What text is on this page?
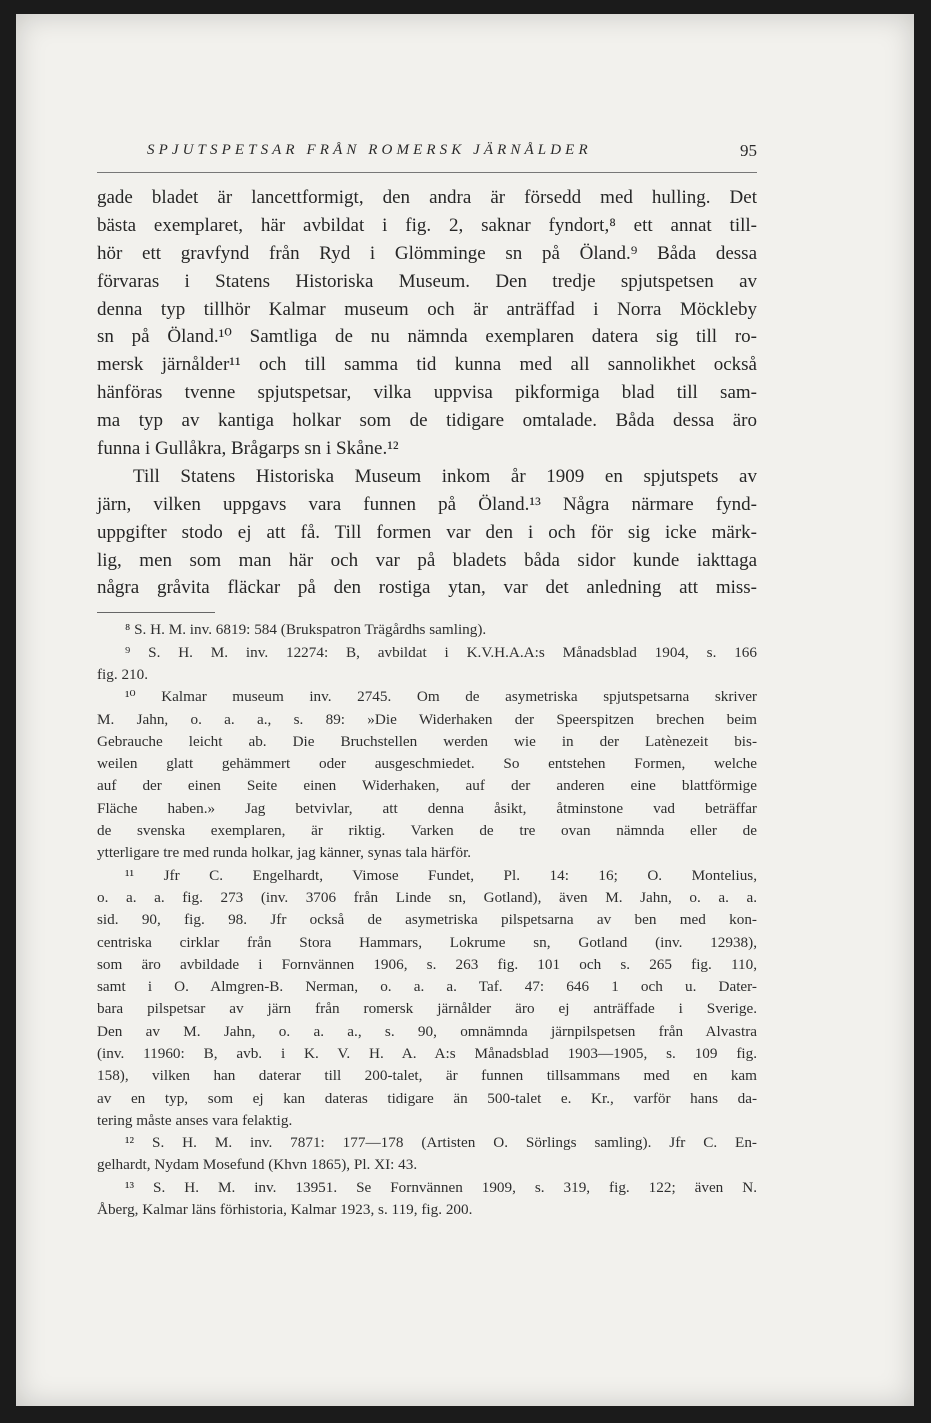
SPJUTSPETSAR FRÅN ROMERSK JÄRNÅLDER	95
gade bladet är lancettformigt, den andra är försedd med hulling. Det
bästa exemplaret, här avbildat i fig. 2, saknar fyndort,⁸ ett annat till-
hör ett gravfynd från Ryd i Glömminge sn på Öland.⁹ Båda dessa
förvaras i Statens Historiska Museum. Den tredje spjutspetsen av
denna typ tillhör Kalmar museum och är anträffad i Norra Möckleby
sn på Öland.¹⁰ Samtliga de nu nämnda exemplaren datera sig till ro-
mersk järnålder¹¹ och till samma tid kunna med all sannolikhet också
hänföras tvenne spjutspetsar, vilka uppvisa pikformiga blad till sam-
ma typ av kantiga holkar som de tidigare omtalade. Båda dessa äro
funna i Gullåkra, Brågarps sn i Skåne.¹²
Till Statens Historiska Museum inkom år 1909 en spjutspets av
järn, vilken uppgavs vara funnen på Öland.¹³ Några närmare fynd-
uppgifter stodo ej att få. Till formen var den i och för sig icke märk-
lig, men som man här och var på bladets båda sidor kunde iakttaga
några gråvita fläckar på den rostiga ytan, var det anledning att miss-
⁸ S. H. M. inv. 6819: 584 (Brukspatron Trägårdhs samling).
⁹ S. H. M. inv. 12274: B, avbildat i K.V.H.A.A:s Månadsblad 1904, s. 166
fig. 210.
¹⁰ Kalmar museum inv. 2745. Om de asymetriska spjutspetsarna skriver
M. Jahn, o. a. a., s. 89: »Die Widerhaken der Speerspitzen brechen beim
Gebrauche leicht ab. Die Bruchstellen werden wie in der Latènezeit bis-
weilen glatt gehämmert oder ausgeschmiedet. So entstehen Formen, welche
auf der einen Seite einen Widerhaken, auf der anderen eine blattförmige
Fläche haben.» Jag betvivlar, att denna åsikt, åtminstone vad beträffar
de svenska exemplaren, är riktig. Varken de tre ovan nämnda eller de
ytterligare tre med runda holkar, jag känner, synas tala härför.
¹¹ Jfr C. Engelhardt, Vimose Fundet, Pl. 14: 16; O. Montelius,
o. a. a. fig. 273 (inv. 3706 från Linde sn, Gotland), även M. Jahn, o. a. a.
sid. 90, fig. 98. Jfr också de asymetriska pilspetsarna av ben med kon-
centriska cirklar från Stora Hammars, Lokrume sn, Gotland (inv. 12938),
som äro avbildade i Fornvännen 1906, s. 263 fig. 101 och s. 265 fig. 110,
samt i O. Almgren-B. Nerman, o. a. a. Taf. 47: 646 1 och u. Dater-
bara pilspetsar av järn från romersk järnålder äro ej anträffade i Sverige.
Den av M. Jahn, o. a. a., s. 90, omnämnda järnpilspetsen från Alvastra
(inv. 11960: B, avb. i K. V. H. A. A:s Månadsblad 1903—1905, s. 109 fig.
158), vilken han daterar till 200-talet, är funnen tillsammans med en kam
av en typ, som ej kan dateras tidigare än 500-talet e. Kr., varför hans da-
tering måste anses vara felaktig.
¹² S. H. M. inv. 7871: 177—178 (Artisten O. Sörlings samling). Jfr C. En-
gelhardt, Nydam Mosefund (Khvn 1865), Pl. XI: 43.
¹³ S. H. M. inv. 13951. Se Fornvännen 1909, s. 319, fig. 122; även N.
Åberg, Kalmar läns förhistoria, Kalmar 1923, s. 119, fig. 200.
